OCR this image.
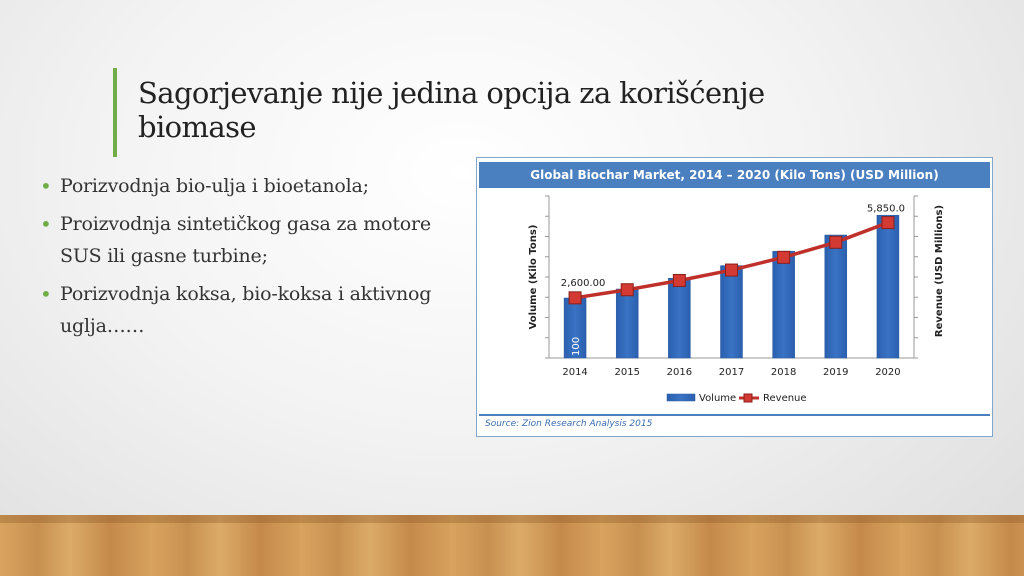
Sagorjevanje nije jedina opcija za korišćenje biomase
• Porizvodnja bio-ulja i bioetanola;
• Proizvodnja sintetičkog gasa za motore SUS ili gasne turbine;
• Porizvodnja koksa, bio-koksa i aktivnog uglja……
Global Biochar Market, 2014 – 2020 (Kilo Tons) (USD Million)
Volume (Kilo Tons)	Revenue (USD Millions)
2014	2015	2016	2017	2018	2019	2020
100
2,600.00
5,850.0
Volume	Revenue
Source: Zion Research Analysis 2015
